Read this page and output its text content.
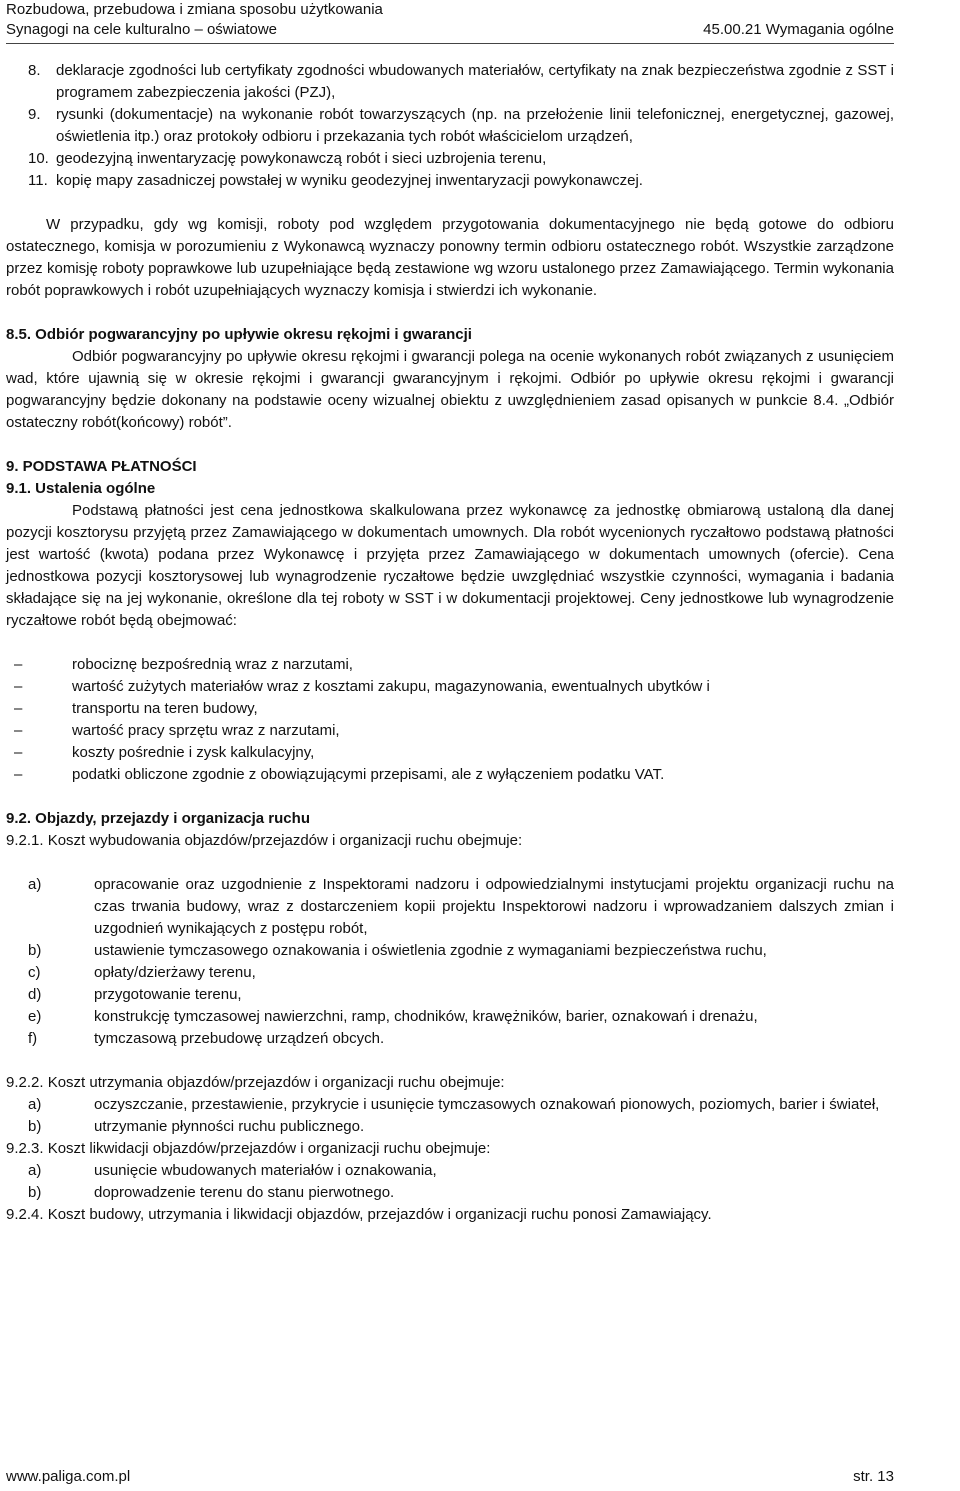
Rozbudowa, przebudowa i zmiana sposobu użytkowania
Synagogi na cele kulturalno – oświatowe	45.00.21 Wymagania ogólne
8.	deklaracje zgodności lub certyfikaty zgodności wbudowanych materiałów, certyfikaty na znak bezpieczeństwa zgodnie z SST i programem zabezpieczenia jakości (PZJ),
9.	rysunki (dokumentacje) na wykonanie robót towarzyszących (np. na przełożenie linii telefonicznej, energetycznej, gazowej, oświetlenia itp.) oraz protokoły odbioru i przekazania tych robót właścicielom urządzeń,
10. geodezyjną inwentaryzację powykonawczą robót i sieci uzbrojenia terenu,
11. kopię mapy zasadniczej powstałej w wyniku geodezyjnej inwentaryzacji powykonawczej.

W przypadku, gdy wg komisji, roboty pod względem przygotowania dokumentacyjnego nie będą gotowe do odbioru ostatecznego, komisja w porozumieniu z Wykonawcą wyznaczy ponowny termin odbioru ostatecznego robót. Wszystkie zarządzone przez komisję roboty poprawkowe lub uzupełniające będą zestawione wg wzoru ustalonego przez Zamawiającego. Termin wykonania robót poprawkowych i robót uzupełniających wyznaczy komisja i stwierdzi ich wykonanie.

8.5. Odbiór pogwarancyjny po upływie okresu rękojmi i gwarancji

Odbiór pogwarancyjny po upływie okresu rękojmi i gwarancji polega na ocenie wykonanych robót związanych z usunięciem wad, które ujawnią się w okresie rękojmi i gwarancji gwarancyjnym i rękojmi. Odbiór po upływie okresu rękojmi i gwarancji pogwarancyjny będzie dokonany na podstawie oceny wizualnej obiektu z uwzględnieniem zasad opisanych w punkcie 8.4. „Odbiór ostateczny robót(końcowy) robót”.

9. PODSTAWA PŁATNOŚCI
9.1. Ustalenia ogólne

Podstawą płatności jest cena jednostkowa skalkulowana przez wykonawcę za jednostkę obmiarową ustaloną dla danej pozycji kosztorysu przyjętą przez Zamawiającego w dokumentach umownych. Dla robót wycenionych ryczałtowo podstawą płatności jest wartość (kwota) podana przez Wykonawcę i przyjęta przez Zamawiającego w dokumentach umownych (ofercie). Cena jednostkowa pozycji kosztorysowej lub wynagrodzenie ryczałtowe będzie uwzględniać wszystkie czynności, wymagania i badania składające się na jej wykonanie, określone dla tej roboty w SST i w dokumentacji projektowej. Ceny jednostkowe lub wynagrodzenie ryczałtowe robót będą obejmować:

–	robociznę bezpośrednią wraz z narzutami,
–	wartość zużytych materiałów wraz z kosztami zakupu, magazynowania, ewentualnych ubytków i
–	transportu na teren budowy,
–	wartość pracy sprzętu wraz z narzutami,
–	koszty pośrednie i zysk kalkulacyjny,
–	podatki obliczone zgodnie z obowiązującymi przepisami, ale z wyłączeniem podatku VAT.
9.2. Objazdy, przejazdy i organizacja ruchu
9.2.1. Koszt wybudowania objazdów/przejazdów i organizacji ruchu obejmuje:
a)	opracowanie oraz uzgodnienie z Inspektorami nadzoru i odpowiedzialnymi instytucjami projektu organizacji ruchu na czas trwania budowy, wraz z dostarczeniem kopii projektu Inspektorowi nadzoru i wprowadzaniem dalszych zmian i uzgodnień wynikających z postępu robót,
b)	ustawienie tymczasowego oznakowania i oświetlenia zgodnie z wymaganiami bezpieczeństwa ruchu,
c)	opłaty/dzierżawy terenu,
d)	przygotowanie terenu,
e)	konstrukcję tymczasowej nawierzchni, ramp, chodników, krawężników, barier, oznakowań i drenażu,
f)	tymczasową przebudowę urządzeń obcych.
9.2.2. Koszt utrzymania objazdów/przejazdów i organizacji ruchu obejmuje:
a)	oczyszczanie, przestawienie, przykrycie i usunięcie tymczasowych oznakowań pionowych, poziomych, barier i świateł,
b)	utrzymanie płynności ruchu publicznego.
9.2.3. Koszt likwidacji objazdów/przejazdów i organizacji ruchu obejmuje:
a)	usunięcie wbudowanych materiałów i oznakowania,
b)	doprowadzenie terenu do stanu pierwotnego.
9.2.4. Koszt budowy, utrzymania i likwidacji objazdów, przejazdów i organizacji ruchu ponosi Zamawiający.
www.paliga.com.pl	str. 13
